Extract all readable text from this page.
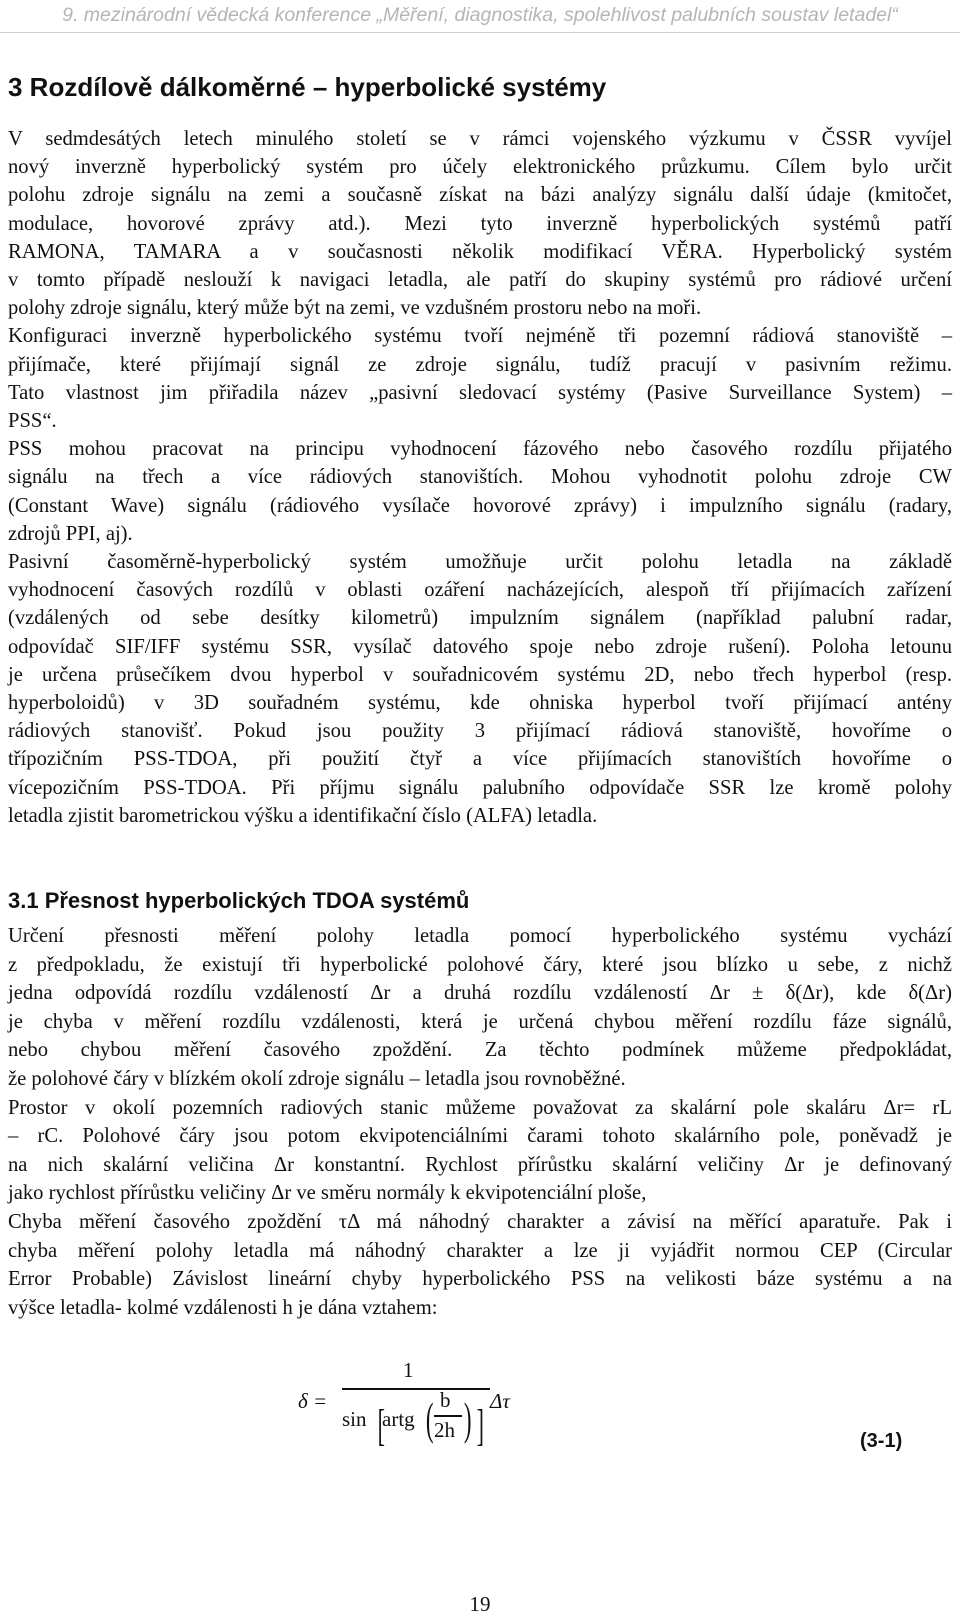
9. mezinárodní vědecká konference „Měření, diagnostika, spolehlivost palubních soustav letadel“
3 Rozdílově dálkoměrné – hyperbolické systémy
V sedmdesátých letech minulého století se v rámci vojenského výzkumu v ČSSR vyvíjel
nový inverzně hyperbolický systém pro účely elektronického průzkumu. Cílem bylo určit
polohu zdroje signálu na zemi a současně získat na bázi analýzy signálu další údaje (kmitočet,
modulace, hovorové zprávy atd.). Mezi tyto inverzně hyperbolických systémů patří
RAMONA, TAMARA a v současnosti několik modifikací VĚRA. Hyperbolický systém
v tomto případě neslouží k navigaci letadla, ale patří do skupiny systémů pro rádiové určení
polohy zdroje signálu, který může být na zemi, ve vzdušném prostoru nebo na moři.
Konfiguraci inverzně hyperbolického systému tvoří nejméně tři pozemní rádiová stanoviště –
přijímače, které přijímají signál ze zdroje signálu, tudíž pracují v pasivním režimu.
Tato vlastnost jim přiřadila název „pasivní sledovací systémy (Pasive Surveillance System) –
PSS“.
PSS mohou pracovat na principu vyhodnocení fázového nebo časového rozdílu přijatého
signálu na třech a více rádiových stanovištích. Mohou vyhodnotit polohu zdroje CW
(Constant Wave) signálu (rádiového vysílače hovorové zprávy) i impulzního signálu (radary,
zdrojů PPI, aj).
Pasivní časoměrně-hyperbolický systém umožňuje určit polohu letadla na základě
vyhodnocení časových rozdílů v oblasti ozáření nacházejících, alespoň tří přijímacích zařízení
(vzdálených od sebe desítky kilometrů) impulzním signálem (například palubní radar,
odpovídač SIF/IFF systému SSR, vysílač datového spoje nebo zdroje rušení). Poloha letounu
je určena průsečíkem dvou hyperbol v souřadnicovém systému 2D, nebo třech hyperbol (resp.
hyperboloidů) v 3D souřadném systému, kde ohniska hyperbol tvoří přijímací antény
rádiových stanovišť. Pokud jsou použity 3 přijímací rádiová stanoviště, hovoříme o
třípozičním PSS-TDOA, při použití čtyř a více přijímacích stanovištích hovoříme o
vícepozičním PSS-TDOA. Při příjmu signálu palubního odpovídače SSR lze kromě polohy
letadla zjistit barometrickou výšku a identifikační číslo (ALFA) letadla.
3.1 Přesnost hyperbolických TDOA systémů
Určení přesnosti měření polohy letadla pomocí hyperbolického systému vychází
z předpokladu, že existují tři hyperbolické polohové čáry, které jsou blízko u sebe, z nichž
jedna odpovídá rozdílu vzdáleností Δr a druhá rozdílu vzdáleností Δr ± δ(Δr), kde δ(Δr)
je chyba v měření rozdílu vzdálenosti, která je určená chybou měření rozdílu fáze signálů,
nebo chybou měření časového zpoždění. Za těchto podmínek můžeme předpokládat,
že polohové čáry v blízkém okolí zdroje signálu – letadla jsou rovnoběžné.
Prostor v okolí pozemních radiových stanic můžeme považovat za skalární pole skaláru Δr= rL
– rC. Polohové čáry jsou potom ekvipotenciálními čarami tohoto skalárního pole, poněvadž je
na nich skalární veličina Δr konstantní. Rychlost přírůstku skalární veličiny Δr je definovaný
jako rychlost přírůstku veličiny Δr ve směru normály k ekvipotenciální ploše,
Chyba měření časového zpoždění τΔ má náhodný charakter a závisí na měřící aparatuře. Pak i
chyba měření polohy letadla má náhodný charakter a lze ji vyjádřit normou CEP (Circular
Error Probable) Závislost lineární chyby hyperbolického PSS na velikosti báze systému a na
výšce letadla- kolmé vzdálenosti h je dána vztahem:
δ =
1
sin [
artg ( b
2h ) ] Δτ
(3-1)
19
